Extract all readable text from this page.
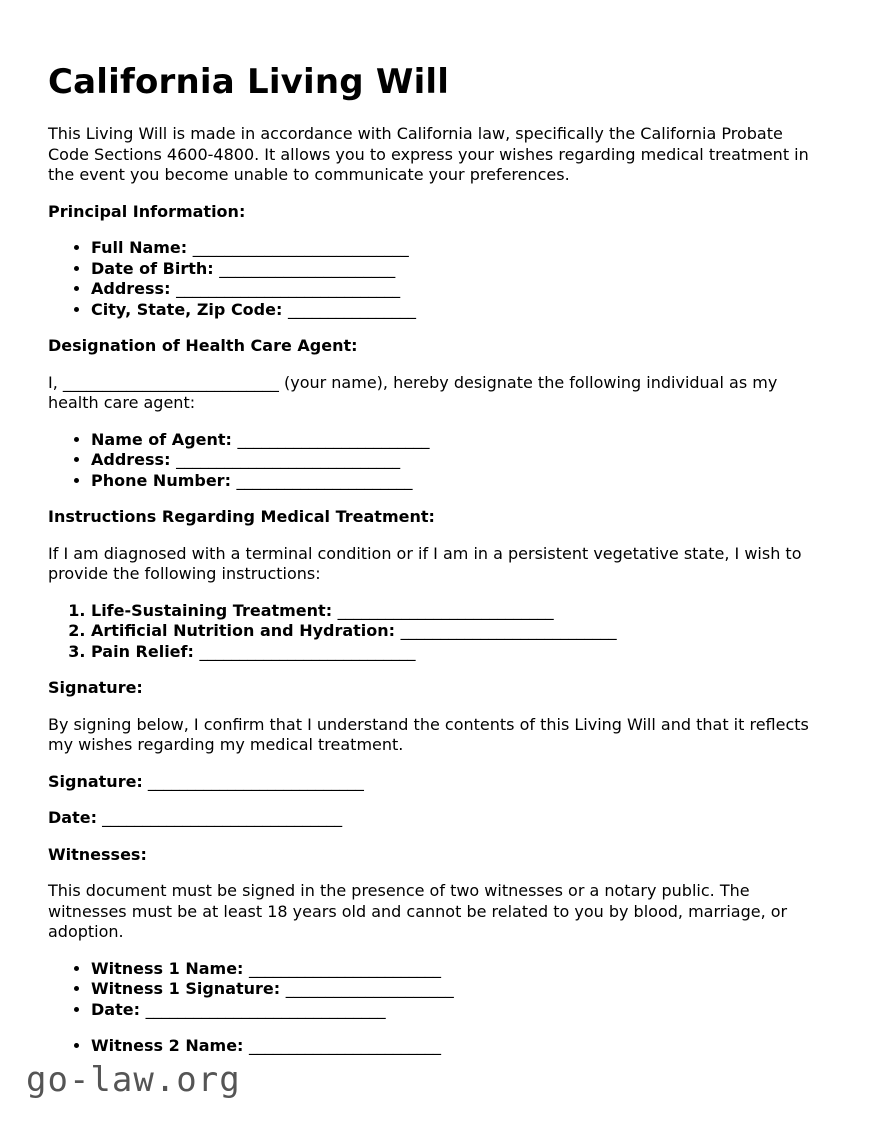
California Living Will

This Living Will is made in accordance with California law, specifically the California Probate Code Sections 4600-4800. It allows you to express your wishes regarding medical treatment in the event you become unable to communicate your preferences.

Principal Information:

• Full Name: ___________________________
• Date of Birth: ______________________
• Address: ____________________________
• City, State, Zip Code: ________________

Designation of Health Care Agent:

I, ___________________________ (your name), hereby designate the following individual as my health care agent:

• Name of Agent: ________________________
• Address: ____________________________
• Phone Number: ______________________

Instructions Regarding Medical Treatment:

If I am diagnosed with a terminal condition or if I am in a persistent vegetative state, I wish to provide the following instructions:

1. Life-Sustaining Treatment: ___________________________
2. Artificial Nutrition and Hydration: ___________________________
3. Pain Relief: ___________________________

Signature:

By signing below, I confirm that I understand the contents of this Living Will and that it reflects my wishes regarding my medical treatment.

Signature: ___________________________

Date: ______________________________

Witnesses:

This document must be signed in the presence of two witnesses or a notary public. The witnesses must be at least 18 years old and cannot be related to you by blood, marriage, or adoption.

• Witness 1 Name: ________________________
• Witness 1 Signature: _____________________
• Date: ______________________________
• Witness 2 Name: ________________________
go-law.org
